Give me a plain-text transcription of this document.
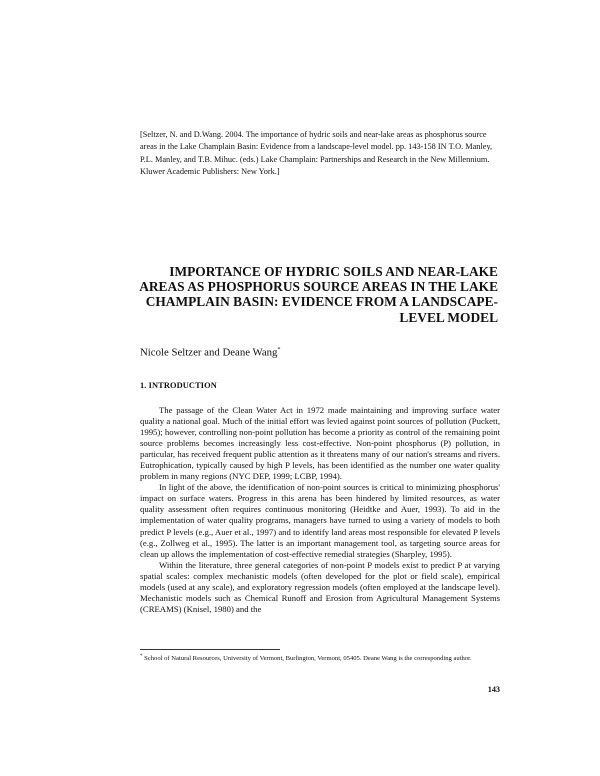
[Seltzer, N. and D.Wang. 2004. The importance of hydric soils and near-lake areas as phosphorus source areas in the Lake Champlain Basin: Evidence from a landscape-level model. pp. 143-158 IN T.O. Manley, P.L. Manley, and T.B. Mihuc. (eds.) Lake Champlain: Partnerships and Research in the New Millennium. Kluwer Academic Publishers: New York.]
IMPORTANCE OF HYDRIC SOILS AND NEAR-LAKE AREAS AS PHOSPHORUS SOURCE AREAS IN THE LAKE CHAMPLAIN BASIN: EVIDENCE FROM A LANDSCAPE-LEVEL MODEL

Nicole Seltzer and Deane Wang*

1. INTRODUCTION

The passage of the Clean Water Act in 1972 made maintaining and improving surface water quality a national goal. Much of the initial effort was levied against point sources of pollution (Puckett, 1995); however, controlling non-point pollution has become a priority as control of the remaining point source problems becomes increasingly less cost-effective. Non-point phosphorus (P) pollution, in particular, has received frequent public attention as it threatens many of our nation's streams and rivers. Eutrophication, typically caused by high P levels, has been identified as the number one water quality problem in many regions (NYC DEP, 1999; LCBP, 1994).

In light of the above, the identification of non-point sources is critical to minimizing phosphorus' impact on surface waters. Progress in this arena has been hindered by limited resources, as water quality assessment often requires continuous monitoring (Heidtke and Auer, 1993). To aid in the implementation of water quality programs, managers have turned to using a variety of models to both predict P levels (e.g., Auer et al., 1997) and to identify land areas most responsible for elevated P levels (e.g., Zollweg et al., 1995). The latter is an important management tool, as targeting source areas for clean up allows the implementation of cost-effective remedial strategies (Sharpley, 1995).

Within the literature, three general categories of non-point P models exist to predict P at varying spatial scales: complex mechanistic models (often developed for the plot or field scale), empirical models (used at any scale), and exploratory regression models (often employed at the landscape level). Mechanistic models such as Chemical Runoff and Erosion from Agricultural Management Systems (CREAMS) (Knisel, 1980) and the

* School of Natural Resources, University of Vermont, Burlington, Vermont, 05405. Deane Wang is the corresponding author.
143
